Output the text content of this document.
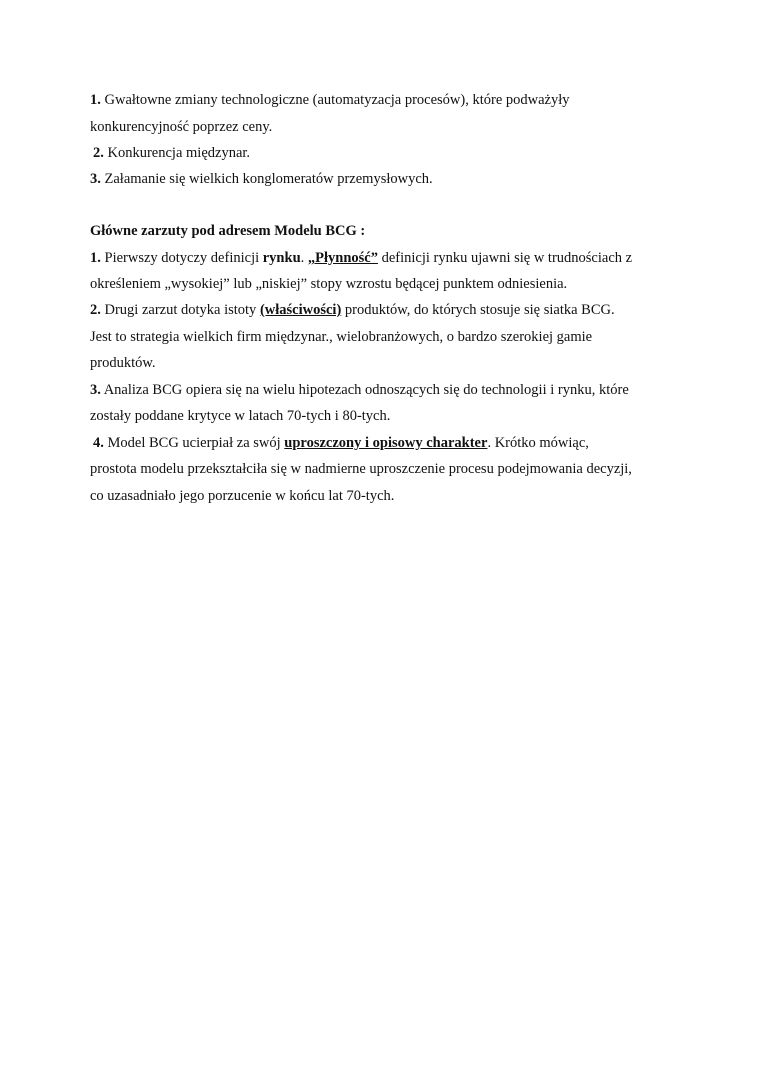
1. Gwałtowne zmiany technologiczne (automatyzacja procesów), które podważyły
konkurencyjność poprzez ceny.
2. Konkurencja międzynar.
3. Załamanie się wielkich konglomeratów przemysłowych.
Główne zarzuty pod adresem Modelu BCG :
1. Pierwszy dotyczy definicji rynku. „Płynność” definicji rynku ujawni się w trudnościach z
określeniem „wysokiej” lub „niskiej” stopy wzrostu będącej punktem odniesienia.
2. Drugi zarzut dotyka istoty (właściwości) produktów, do których stosuje się siatka BCG.
Jest to strategia wielkich firm międzynar., wielobranżowych, o bardzo szerokiej gamie
produktów.
3. Analiza BCG opiera się na wielu hipotezach odnoszących się do technologii i rynku, które
zostały poddane krytyce w latach 70-tych i 80-tych.
4. Model BCG ucierpiał za swój uproszczony i opisowy charakter. Krótko mówiąc,
prostota modelu przekształciła się w nadmierne uproszczenie procesu podejmowania decyzji,
co uzasadniało jego porzucenie w końcu lat 70-tych.
